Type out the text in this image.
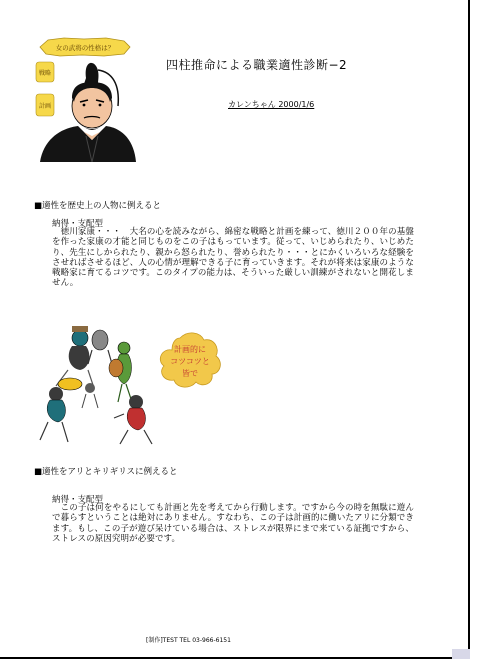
女の武将の性格は？
戦略
計画
四柱推命による職業適性診断−2
カレンちゃん 2000/1/6
■適性を歴史上の人物に例えると
納得・支配型
　徳川家康・・・　大名の心を読みながら、綿密な戦略と計画を練って、徳川２００年の基盤を作った家康の才能と同じものをこの子はもっています。従って、いじめられたり、いじめたり、先生にしかられたり、親から怒られたり、誉められたり・・・とにかくいろいろな経験をさせればさせるほど、人の心情が理解できる子に育っていきます。それが将来は家康のような戦略家に育てるコツです。このタイプの能力は、そういった厳しい訓練がされないと開花しません。
計画的に
コツコツと
皆で
■適性をアリとキリギリスに例えると
納得・支配型
　この子は何をやるにしても計画と先を考えてから行動します。ですから今の時を無駄に遊んで暮らすということは絶対にありません。すなわち、この子は計画的に働いたアリに分類できます。もし、この子が遊び呆けている場合は、ストレスが限界にまで来ている証拠ですから、ストレスの原因究明が必要です。
[制作]TEST TEL 03-966-6151
